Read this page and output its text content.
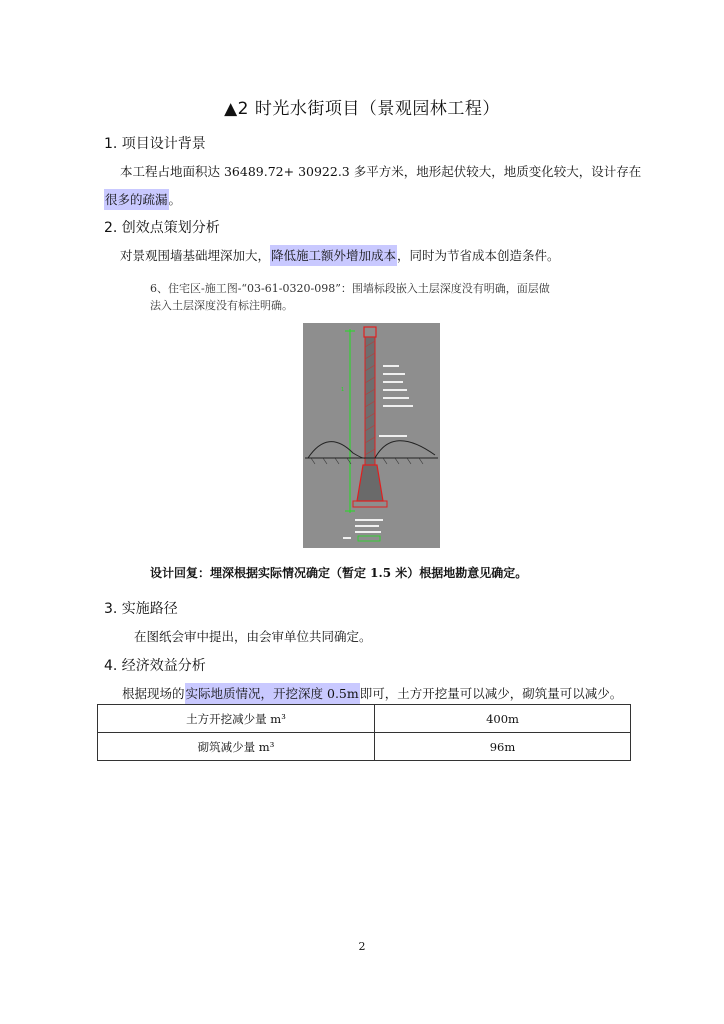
▲2 时光水街项目（景观园林工程）
1. 项目设计背景
本工程占地面积达 36489.72+ 30922.3 多平方米，地形起伏较大，地质变化较大，设计存在
很多的疏漏。
2. 创效点策划分析
对景观围墙基础埋深加大，降低施工额外增加成本，同时为节省成本创造条件。
6、住宅区-施工图-“03-61-0320-098”：围墙标段嵌入土层深度没有明确，面层做
法入土层深度没有标注明确。
1
设计回复：埋深根据实际情况确定（暂定 1.5 米）根据地勘意见确定。
3. 实施路径
在图纸会审中提出，由会审单位共同确定。
4. 经济效益分析
根据现场的实际地质情况，开挖深度 0.5m即可，土方开挖量可以减少，砌筑量可以减少。
土方开挖减少量 m³	400m
砌筑减少量 m³	96m
2
